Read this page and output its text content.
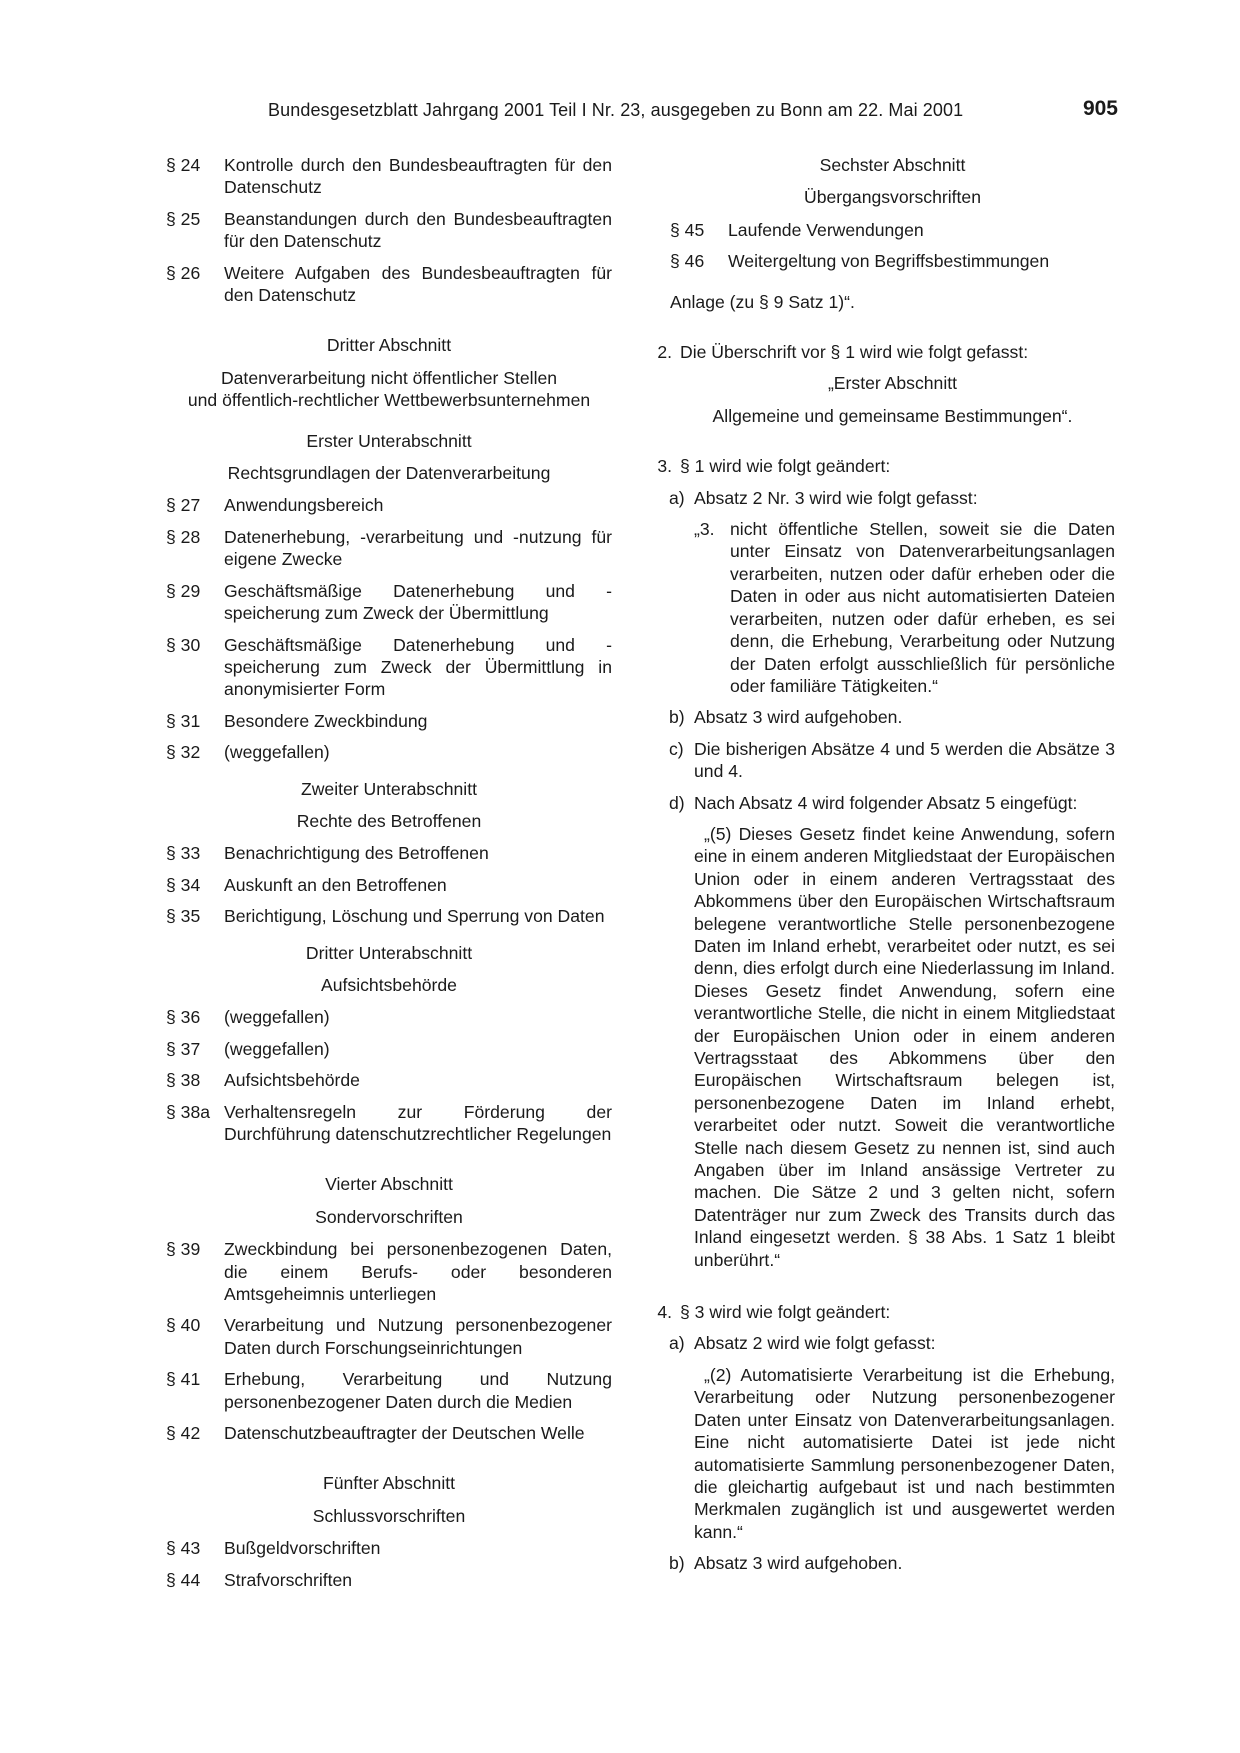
Bundesgesetzblatt Jahrgang 2001 Teil I Nr. 23, ausgegeben zu Bonn am 22. Mai 2001	905
§ 24	Kontrolle durch den Bundesbeauftragten für den Datenschutz
§ 25	Beanstandungen durch den Bundesbeauftragten für den Datenschutz
§ 26	Weitere Aufgaben des Bundesbeauftragten für den Datenschutz
Dritter Abschnitt
Datenverarbeitung nicht öffentlicher Stellen
und öffentlich-rechtlicher Wettbewerbsunternehmen
Erster Unterabschnitt
Rechtsgrundlagen der Datenverarbeitung
§ 27	Anwendungsbereich
§ 28	Datenerhebung, -verarbeitung und -nutzung für eigene Zwecke
§ 29	Geschäftsmäßige Datenerhebung und -speicherung zum Zweck der Übermittlung
§ 30	Geschäftsmäßige Datenerhebung und -speicherung zum Zweck der Übermittlung in anonymisierter Form
§ 31	Besondere Zweckbindung
§ 32	(weggefallen)
Zweiter Unterabschnitt
Rechte des Betroffenen
§ 33	Benachrichtigung des Betroffenen
§ 34	Auskunft an den Betroffenen
§ 35	Berichtigung, Löschung und Sperrung von Daten
Dritter Unterabschnitt
Aufsichtsbehörde
§ 36	(weggefallen)
§ 37	(weggefallen)
§ 38	Aufsichtsbehörde
§ 38a Verhaltensregeln zur Förderung der Durchführung datenschutzrechtlicher Regelungen
Vierter Abschnitt
Sondervorschriften
§ 39	Zweckbindung bei personenbezogenen Daten, die einem Berufs- oder besonderen Amtsgeheimnis unterliegen
§ 40	Verarbeitung und Nutzung personenbezogener Daten durch Forschungseinrichtungen
§ 41	Erhebung, Verarbeitung und Nutzung personenbezogener Daten durch die Medien
§ 42	Datenschutzbeauftragter der Deutschen Welle
Fünfter Abschnitt
Schlussvorschriften
§ 43	Bußgeldvorschriften
§ 44	Strafvorschriften
Sechster Abschnitt
Übergangsvorschriften
§ 45	Laufende Verwendungen
§ 46	Weitergeltung von Begriffsbestimmungen
Anlage (zu § 9 Satz 1)“.
2. Die Überschrift vor § 1 wird wie folgt gefasst:
„Erster Abschnitt
Allgemeine und gemeinsame Bestimmungen“.
3. § 1 wird wie folgt geändert:
a) Absatz 2 Nr. 3 wird wie folgt gefasst:
„3. nicht öffentliche Stellen, soweit sie die Daten unter Einsatz von Datenverarbeitungsanlagen verarbeiten, nutzen oder dafür erheben oder die Daten in oder aus nicht automatisierten Dateien verarbeiten, nutzen oder dafür erheben, es sei denn, die Erhebung, Verarbeitung oder Nutzung der Daten erfolgt ausschließlich für persönliche oder familiäre Tätigkeiten.“
b) Absatz 3 wird aufgehoben.
c) Die bisherigen Absätze 4 und 5 werden die Absätze 3 und 4.
d) Nach Absatz 4 wird folgender Absatz 5 eingefügt:
„(5) Dieses Gesetz findet keine Anwendung, sofern eine in einem anderen Mitgliedstaat der Europäischen Union oder in einem anderen Vertragsstaat des Abkommens über den Europäischen Wirtschaftsraum belegene verantwortliche Stelle personenbezogene Daten im Inland erhebt, verarbeitet oder nutzt, es sei denn, dies erfolgt durch eine Niederlassung im Inland. Dieses Gesetz findet Anwendung, sofern eine verantwortliche Stelle, die nicht in einem Mitgliedstaat der Europäischen Union oder in einem anderen Vertragsstaat des Abkommens über den Europäischen Wirtschaftsraum belegen ist, personenbezogene Daten im Inland erhebt, verarbeitet oder nutzt. Soweit die verantwortliche Stelle nach diesem Gesetz zu nennen ist, sind auch Angaben über im Inland ansässige Vertreter zu machen. Die Sätze 2 und 3 gelten nicht, sofern Datenträger nur zum Zweck des Transits durch das Inland eingesetzt werden. § 38 Abs. 1 Satz 1 bleibt unberührt.“
4. § 3 wird wie folgt geändert:
a) Absatz 2 wird wie folgt gefasst:
„(2) Automatisierte Verarbeitung ist die Erhebung, Verarbeitung oder Nutzung personenbezogener Daten unter Einsatz von Datenverarbeitungsanlagen. Eine nicht automatisierte Datei ist jede nicht automatisierte Sammlung personenbezogener Daten, die gleichartig aufgebaut ist und nach bestimmten Merkmalen zugänglich ist und ausgewertet werden kann.“
b) Absatz 3 wird aufgehoben.
